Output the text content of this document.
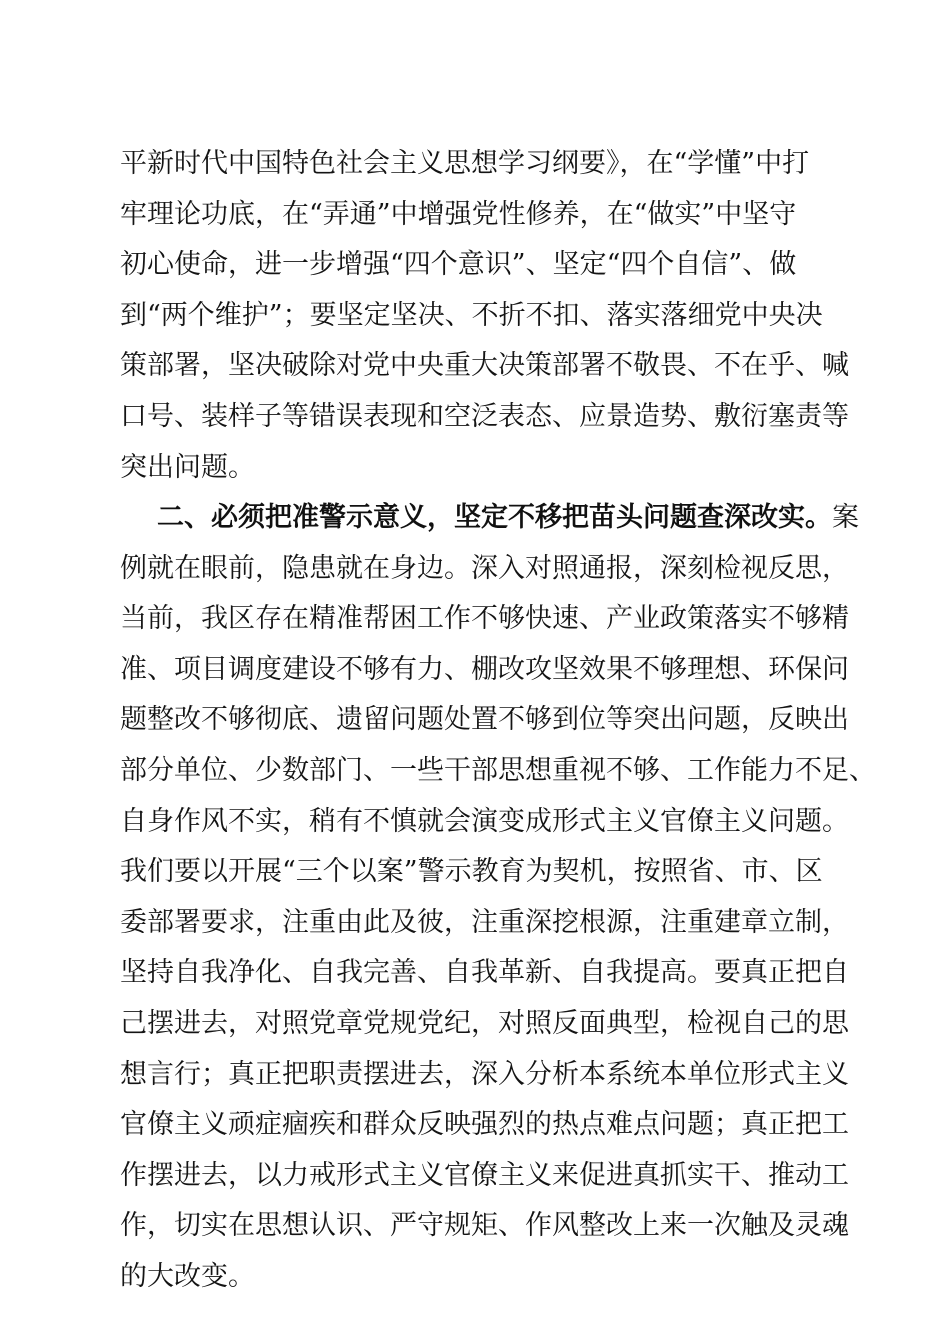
平新时代中国特色社会主义思想学习纲要》，在“学懂”中打
牢理论功底，在“弄通”中增强党性修养，在“做实”中坚守
初心使命，进一步增强“四个意识”、坚定“四个自信”、做
到“两个维护”；要坚定坚决、不折不扣、落实落细党中央决
策部署，坚决破除对党中央重大决策部署不敬畏、不在乎、喊
口号、装样子等错误表现和空泛表态、应景造势、敷衍塞责等
突出问题。
二、必须把准警示意义，坚定不移把苗头问题查深改实。案
例就在眼前，隐患就在身边。深入对照通报，深刻检视反思，
当前，我区存在精准帮困工作不够快速、产业政策落实不够精
准、项目调度建设不够有力、棚改攻坚效果不够理想、环保问
题整改不够彻底、遗留问题处置不够到位等突出问题，反映出
部分单位、少数部门、一些干部思想重视不够、工作能力不足、
自身作风不实，稍有不慎就会演变成形式主义官僚主义问题。
我们要以开展“三个以案”警示教育为契机，按照省、市、区
委部署要求，注重由此及彼，注重深挖根源，注重建章立制，
坚持自我净化、自我完善、自我革新、自我提高。要真正把自
己摆进去，对照党章党规党纪，对照反面典型，检视自己的思
想言行；真正把职责摆进去，深入分析本系统本单位形式主义
官僚主义顽症痼疾和群众反映强烈的热点难点问题；真正把工
作摆进去，以力戒形式主义官僚主义来促进真抓实干、推动工
作，切实在思想认识、严守规矩、作风整改上来一次触及灵魂
的大改变。
